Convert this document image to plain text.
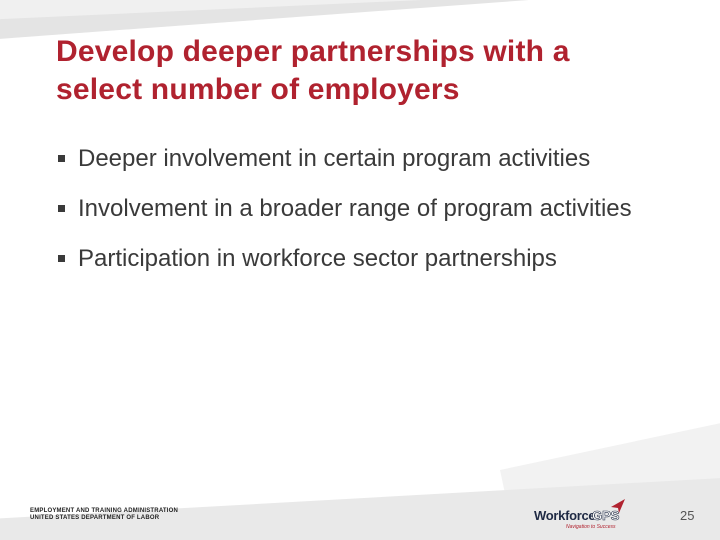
Develop deeper partnerships with a
select number of employers
Deeper involvement in certain program activities
Involvement in a broader range of program activities
Participation in workforce sector partnerships
EMPLOYMENT AND TRAINING ADMINISTRATION
UNITED STATES DEPARTMENT OF LABOR	Workforce
GPS
Navigation to Success
25
